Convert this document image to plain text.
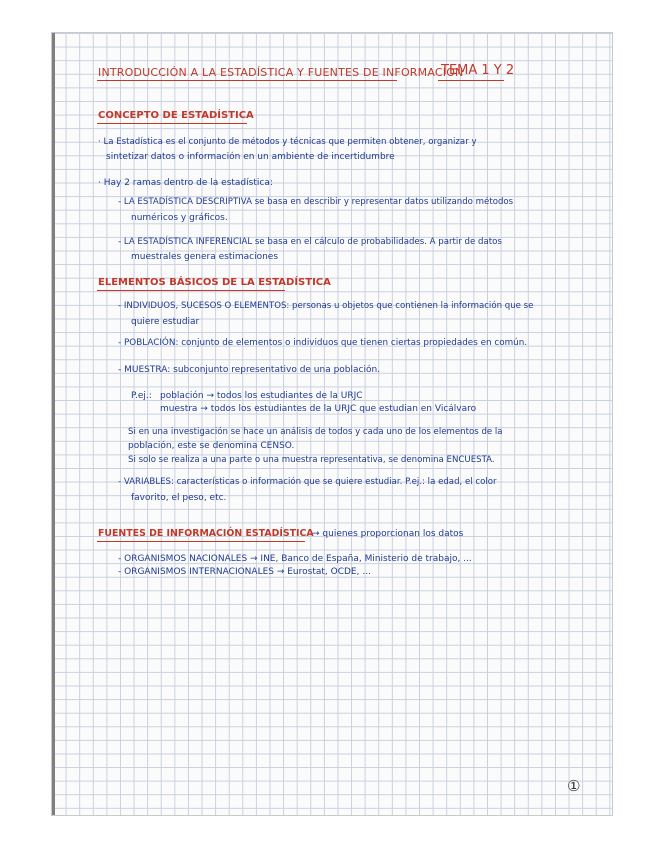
INTRODUCCIÓN A LA ESTADÍSTICA Y FUENTES DE INFORMACIÓN
TEMA 1 Y 2
CONCEPTO DE ESTADÍSTICA
· La Estadística es el conjunto de métodos y técnicas que permiten obtener, organizar y
sintetizar datos o información en un ambiente de incertidumbre
· Hay 2 ramas dentro de la estadística:
- LA ESTADÍSTICA DESCRIPTIVA se basa en describir y representar datos utilizando métodos
numéricos y gráficos.
- LA ESTADÍSTICA INFERENCIAL se basa en el cálculo de probabilidades. A partir de datos
muestrales genera estimaciones
ELEMENTOS BÁSICOS DE LA ESTADÍSTICA
- INDIVIDUOS, SUCESOS O ELEMENTOS: personas u objetos que contienen la información que se
quiere estudiar
- POBLACIÓN: conjunto de elementos o individuos que tienen ciertas propiedades en común.
- MUESTRA: subconjunto representativo de una población.
P.ej.: población → todos los estudiantes de la URJC
muestra → todos los estudiantes de la URJC que estudian en Vicálvaro
Si en una investigación se hace un análisis de todos y cada uno de los elementos de la
población, este se denomina CENSO.
Si solo se realiza a una parte o una muestra representativa, se denomina ENCUESTA.
- VARIABLES: características o información que se quiere estudiar. P.ej.: la edad, el color
favorito, el peso, etc.
FUENTES DE INFORMACIÓN ESTADÍSTICA
→ quienes proporcionan los datos
- ORGANISMOS NACIONALES → INE, Banco de España, Ministerio de trabajo, ...
- ORGANISMOS INTERNACIONALES → Eurostat, OCDE, ...
①
